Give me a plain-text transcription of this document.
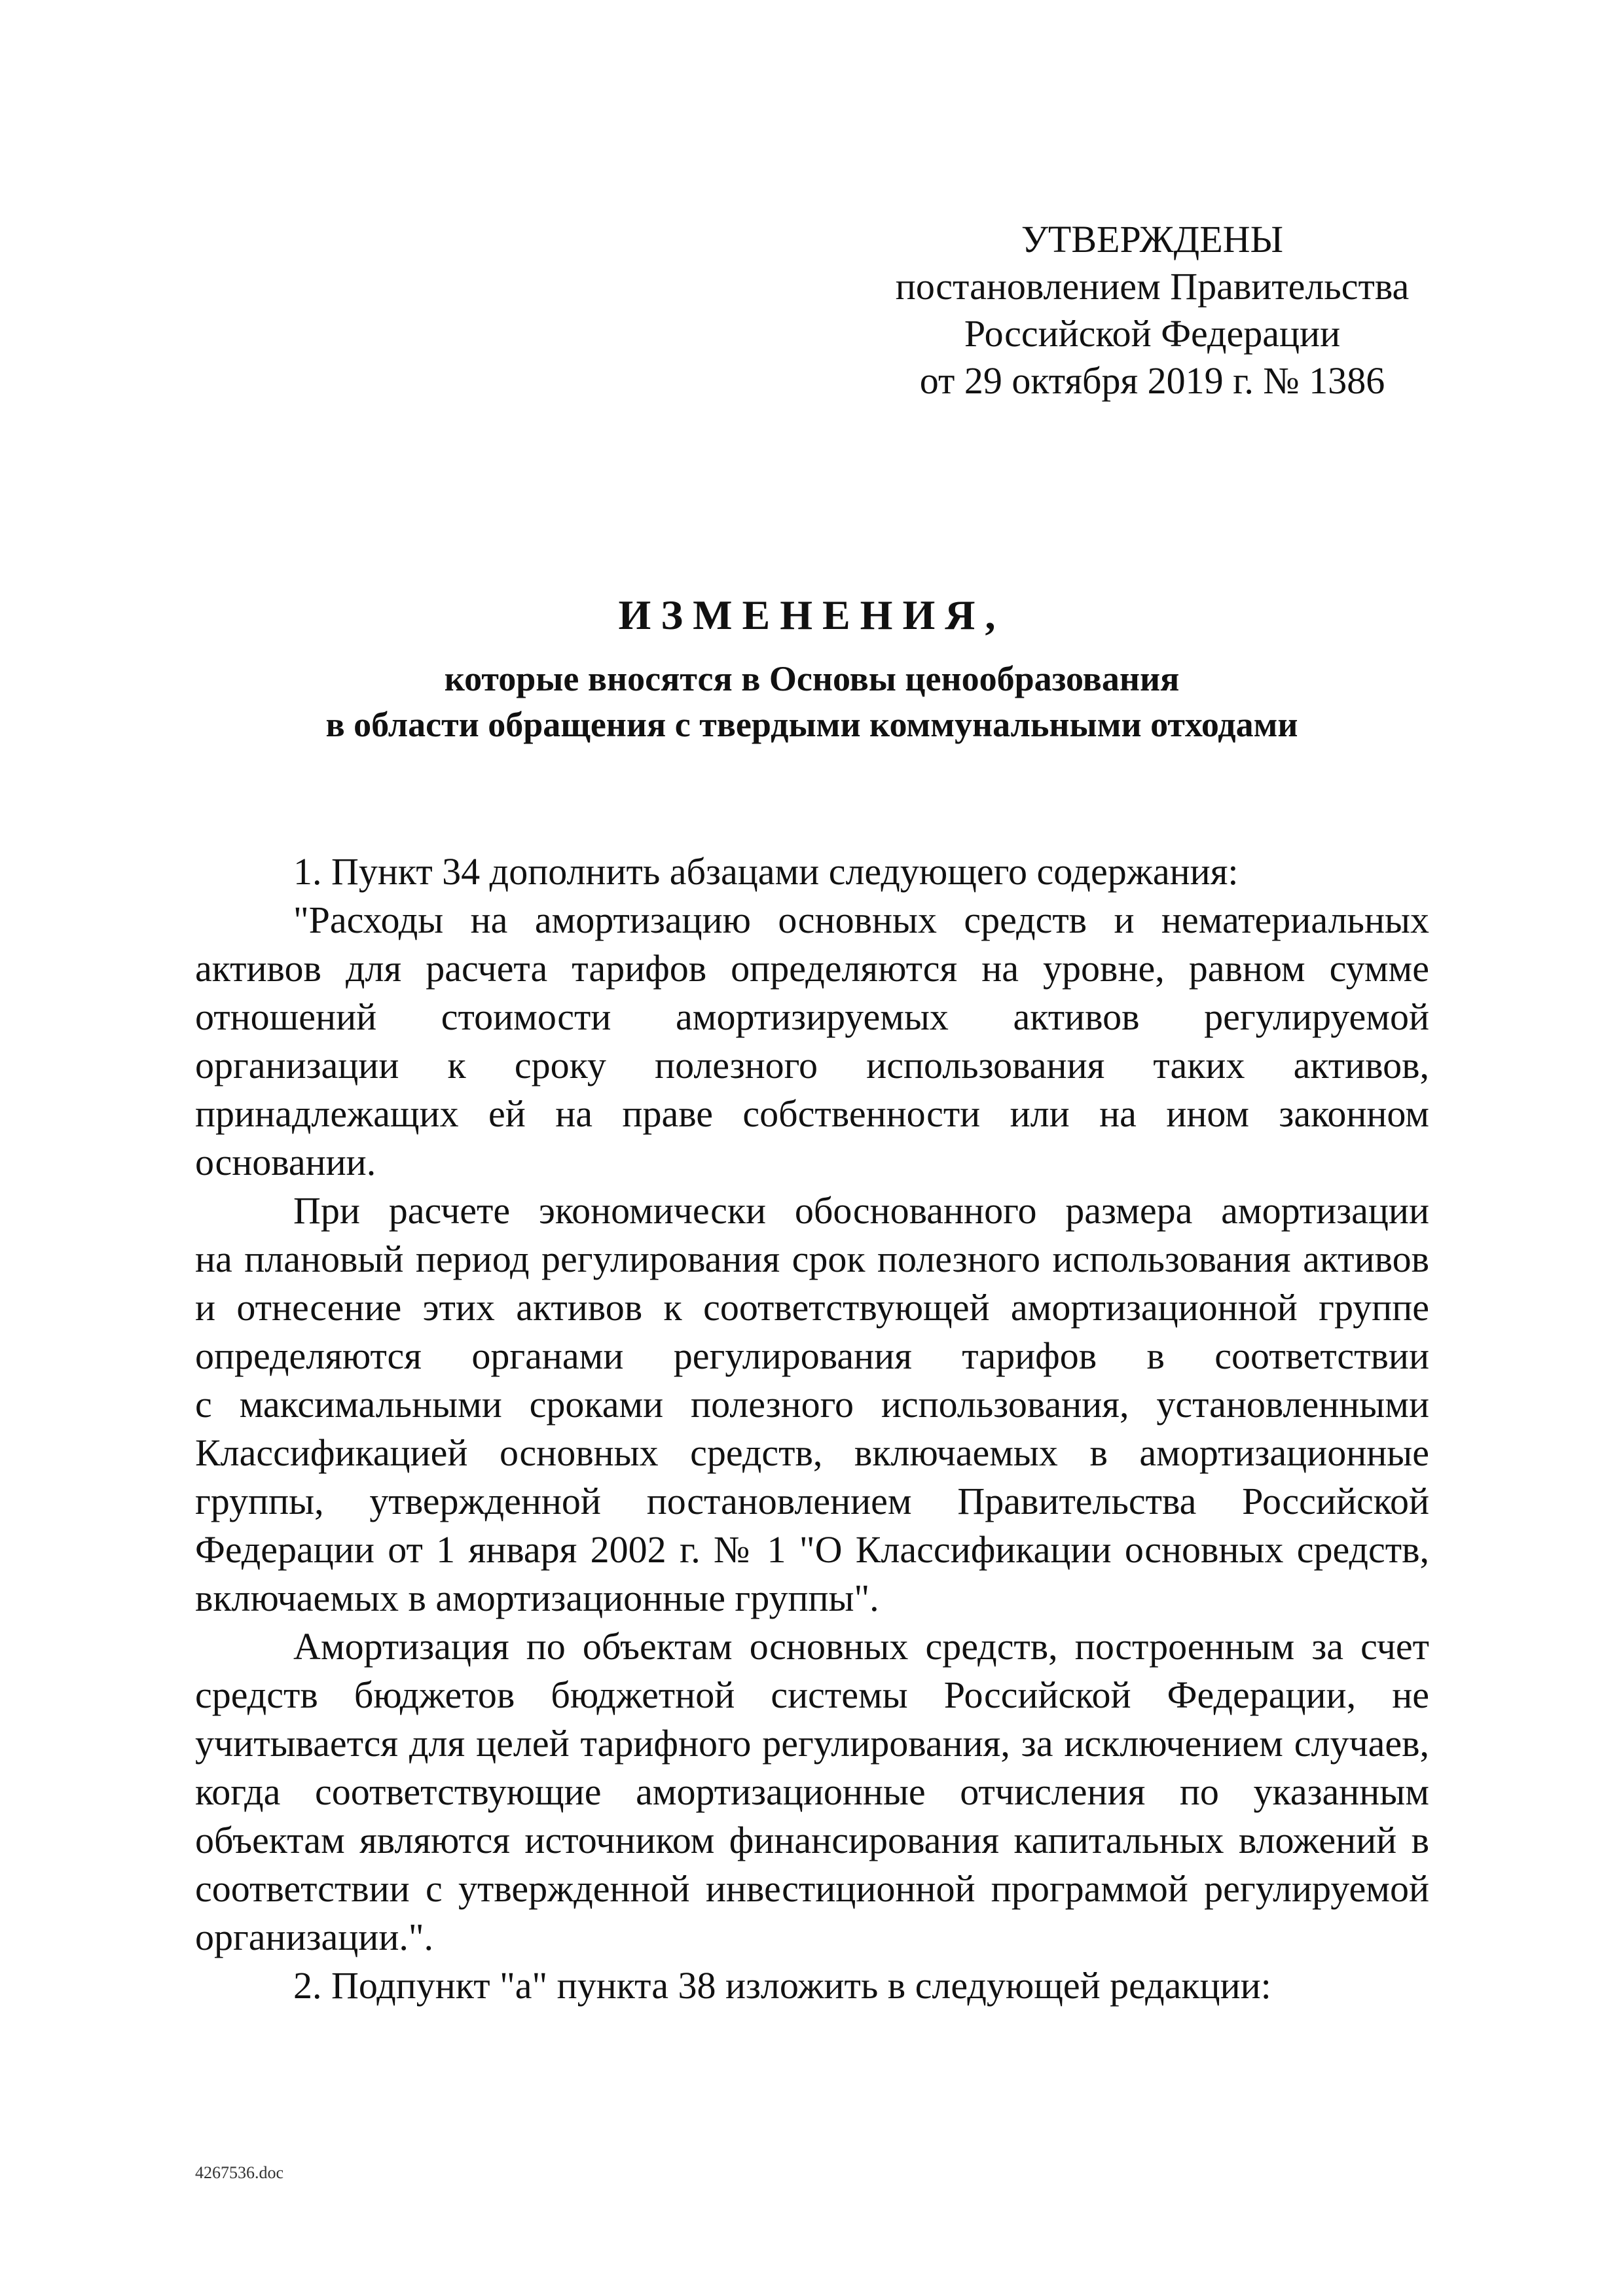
УТВЕРЖДЕНЫ
постановлением Правительства
Российской Федерации
от 29 октября 2019 г. № 1386
ИЗМЕНЕНИЯ,
которые вносятся в Основы ценообразования
в области обращения с твердыми коммунальными отходами

1. Пункт 34 дополнить абзацами следующего содержания:

"Расходы на амортизацию основных средств и нематериальных
активов для расчета тарифов определяются на уровне, равном сумме
отношений стоимости амортизируемых активов регулируемой
организации к сроку полезного использования таких активов,
принадлежащих ей на праве собственности или на ином законном
основании.

При расчете экономически обоснованного размера амортизации
на плановый период регулирования срок полезного использования активов
и отнесение этих активов к соответствующей амортизационной группе
определяются органами регулирования тарифов в соответствии
с максимальными сроками полезного использования, установленными
Классификацией основных средств, включаемых в амортизационные
группы, утвержденной постановлением Правительства Российской
Федерации от 1 января 2002 г. № 1 "О Классификации основных средств,
включаемых в амортизационные группы".

Амортизация по объектам основных средств, построенным за счет
средств бюджетов бюджетной системы Российской Федерации, не
учитывается для целей тарифного регулирования, за исключением случаев,
когда соответствующие амортизационные отчисления по указанным
объектам являются источником финансирования капитальных вложений в
соответствии с утвержденной инвестиционной программой регулируемой
организации.".

2. Подпункт "а" пункта 38 изложить в следующей редакции:

4267536.doc
